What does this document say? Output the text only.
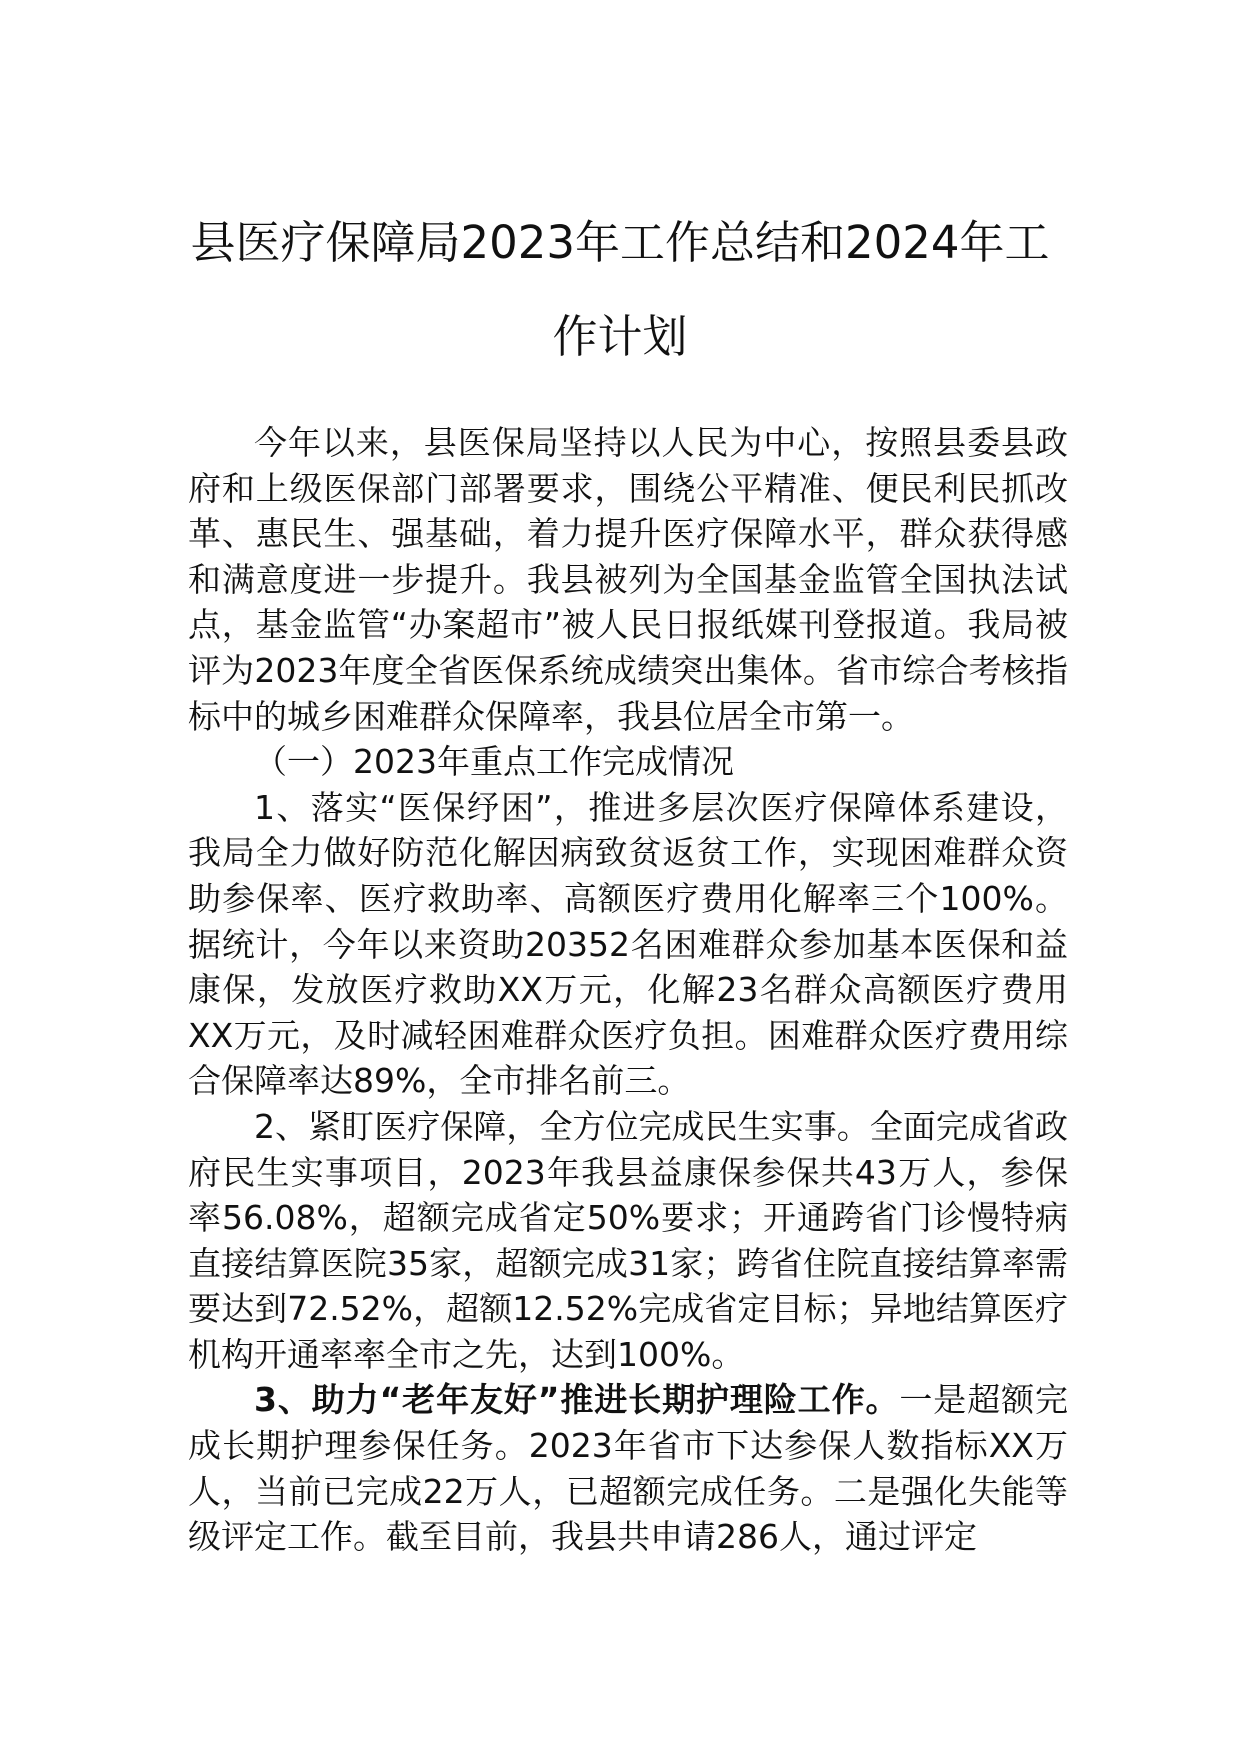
县医疗保障局2023年工作总结和2024年工
作计划

今年以来，县医保局坚持以人民为中心，按照县委县政府和上级医保部门部署要求，围绕公平精准、便民利民抓改革、惠民生、强基础，着力提升医疗保障水平，群众获得感和满意度进一步提升。我县被列为全国基金监管全国执法试点，基金监管“办案超市”被人民日报纸媒刊登报道。我局被评为2023年度全省医保系统成绩突出集体。省市综合考核指标中的城乡困难群众保障率，我县位居全市第一。

（一）2023年重点工作完成情况

1、落实“医保纾困”，推进多层次医疗保障体系建设，我局全力做好防范化解因病致贫返贫工作，实现困难群众资助参保率、医疗救助率、高额医疗费用化解率三个100%。据统计，今年以来资助20352名困难群众参加基本医保和益康保，发放医疗救助XX万元，化解23名群众高额医疗费用XX万元，及时减轻困难群众医疗负担。困难群众医疗费用综合保障率达89%，全市排名前三。

2、紧盯医疗保障，全方位完成民生实事。全面完成省政府民生实事项目，2023年我县益康保参保共43万人，参保率56.08%，超额完成省定50%要求；开通跨省门诊慢特病直接结算医院35家，超额完成31家；跨省住院直接结算率需要达到72.52%，超额12.52%完成省定目标；异地结算医疗机构开通率率全市之先，达到100%。

3、助力“老年友好”推进长期护理险工作。一是超额完成长期护理参保任务。2023年省市下达参保人数指标XX万人，当前已完成22万人，已超额完成任务。二是强化失能等级评定工作。截至目前，我县共申请286人，通过评定
